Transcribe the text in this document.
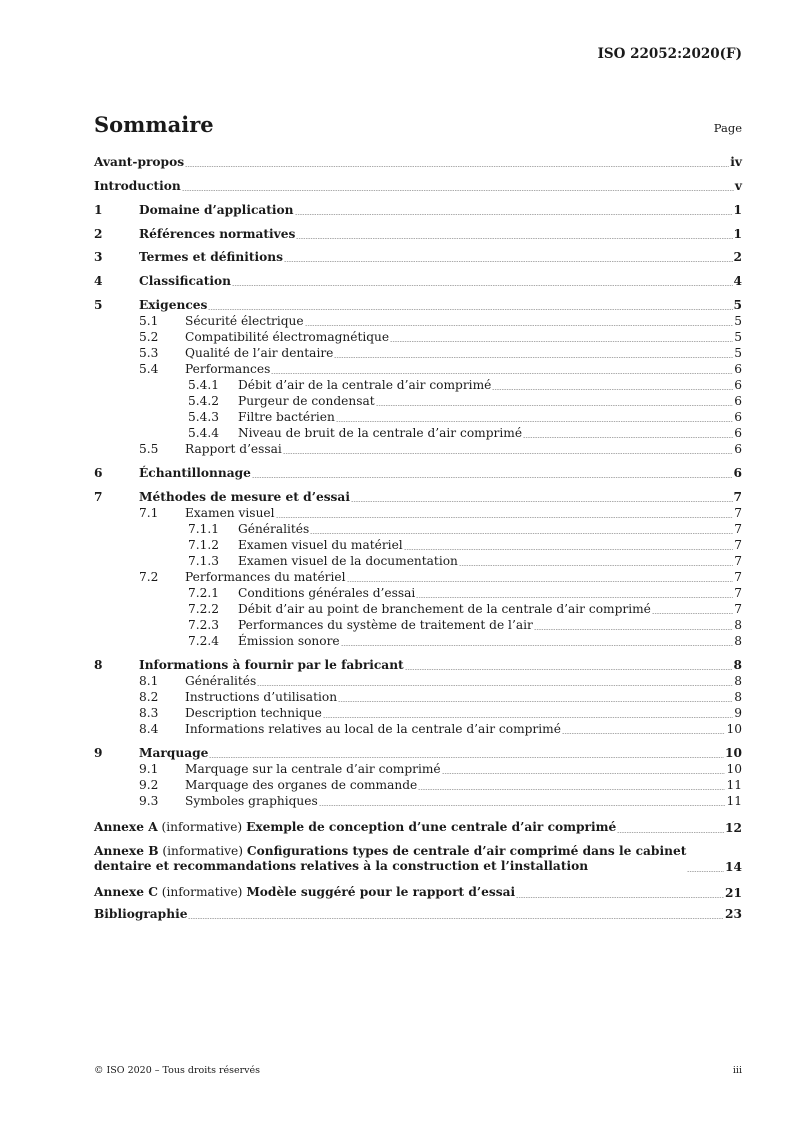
ISO 22052:2020(F)
Sommaire	Page
Avant-propos	iv
Introduction	v
1	Domaine d’application	1
2	Références normatives	1
3	Termes et définitions	2
4	Classification	4
5	Exigences	5
5.1 Sécurité électrique	5
5.2 Compatibilité électromagnétique	5
5.3 Qualité de l’air dentaire	5
5.4 Performances	6
5.4.1 Débit d’air de la centrale d’air comprimé	6
5.4.2 Purgeur de condensat	6
5.4.3 Filtre bactérien	6
5.4.4 Niveau de bruit de la centrale d’air comprimé	6
5.5 Rapport d’essai	6
6	Échantillonnage	6
7	Méthodes de mesure et d’essai	7
7.1 Examen visuel	7
7.1.1 Généralités	7
7.1.2 Examen visuel du matériel	7
7.1.3 Examen visuel de la documentation	7
7.2 Performances du matériel	7
7.2.1 Conditions générales d’essai	7
7.2.2 Débit d’air au point de branchement de la centrale d’air comprimé	7
7.2.3 Performances du système de traitement de l’air	8
7.2.4 Émission sonore	8
8	Informations à fournir par le fabricant	8
8.1 Généralités	8
8.2 Instructions d’utilisation	8
8.3 Description technique	9
8.4 Informations relatives au local de la centrale d’air comprimé	10
9	Marquage	10
9.1 Marquage sur la centrale d’air comprimé	10
9.2 Marquage des organes de commande	11
9.3 Symboles graphiques	11
Annexe A (informative) Exemple de conception d’une centrale d’air comprimé	12
Annexe B (informative) Configurations types de centrale d’air comprimé dans le cabinet
dentaire et recommandations relatives à la construction et l’installation	14
Annexe C (informative) Modèle suggéré pour le rapport d’essai	21
Bibliographie	23
© ISO 2020 – Tous droits réservés	iii
